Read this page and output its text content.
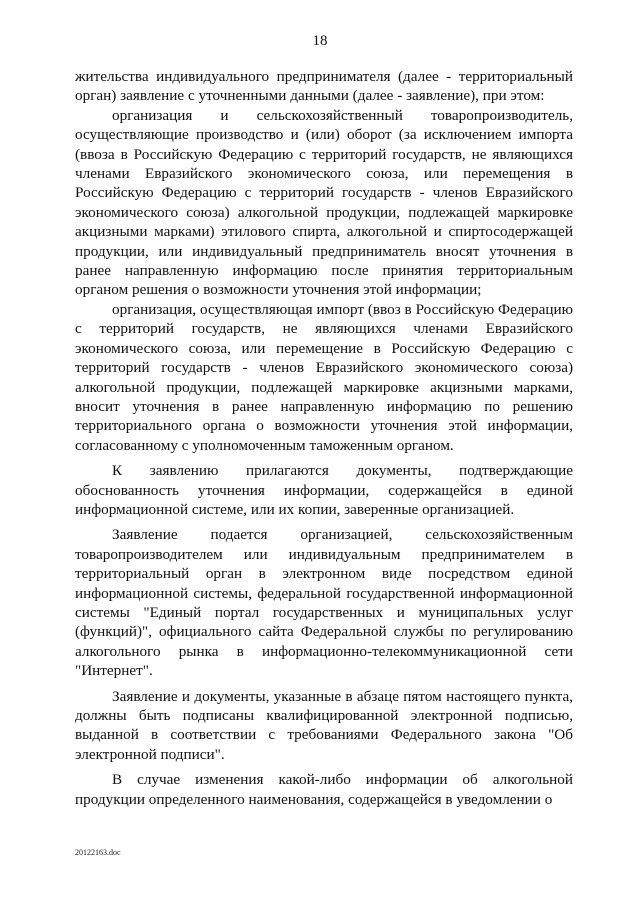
18

жительства индивидуального предпринимателя (далее - территориальный орган) заявление с уточненными данными (далее - заявление), при этом:

организация и сельскохозяйственный товаропроизводитель, осуществляющие производство и (или) оборот (за исключением импорта (ввоза в Российскую Федерацию с территорий государств, не являющихся членами Евразийского экономического союза, или перемещения в Российскую Федерацию с территорий государств - членов Евразийского экономического союза) алкогольной продукции, подлежащей маркировке акцизными марками) этилового спирта, алкогольной и спиртосодержащей продукции, или индивидуальный предприниматель вносят уточнения в ранее направленную информацию после принятия территориальным органом решения о возможности уточнения этой информации;

организация, осуществляющая импорт (ввоз в Российскую Федерацию с территорий государств, не являющихся членами Евразийского экономического союза, или перемещение в Российскую Федерацию с территорий государств - членов Евразийского экономического союза) алкогольной продукции, подлежащей маркировке акцизными марками, вносит уточнения в ранее направленную информацию по решению территориального органа о возможности уточнения этой информации, согласованному с уполномоченным таможенным органом.

К заявлению прилагаются документы, подтверждающие обоснованность уточнения информации, содержащейся в единой информационной системе, или их копии, заверенные организацией.

Заявление подается организацией, сельскохозяйственным товаропроизводителем или индивидуальным предпринимателем в территориальный орган в электронном виде посредством единой информационной системы, федеральной государственной информационной системы "Единый портал государственных и муниципальных услуг (функций)", официального сайта Федеральной службы по регулированию алкогольного рынка в информационно-телекоммуникационной сети "Интернет".

Заявление и документы, указанные в абзаце пятом настоящего пункта, должны быть подписаны квалифицированной электронной подписью, выданной в соответствии с требованиями Федерального закона "Об электронной подписи".

В случае изменения какой-либо информации об алкогольной продукции определенного наименования, содержащейся в уведомлении о

20122163.doc
